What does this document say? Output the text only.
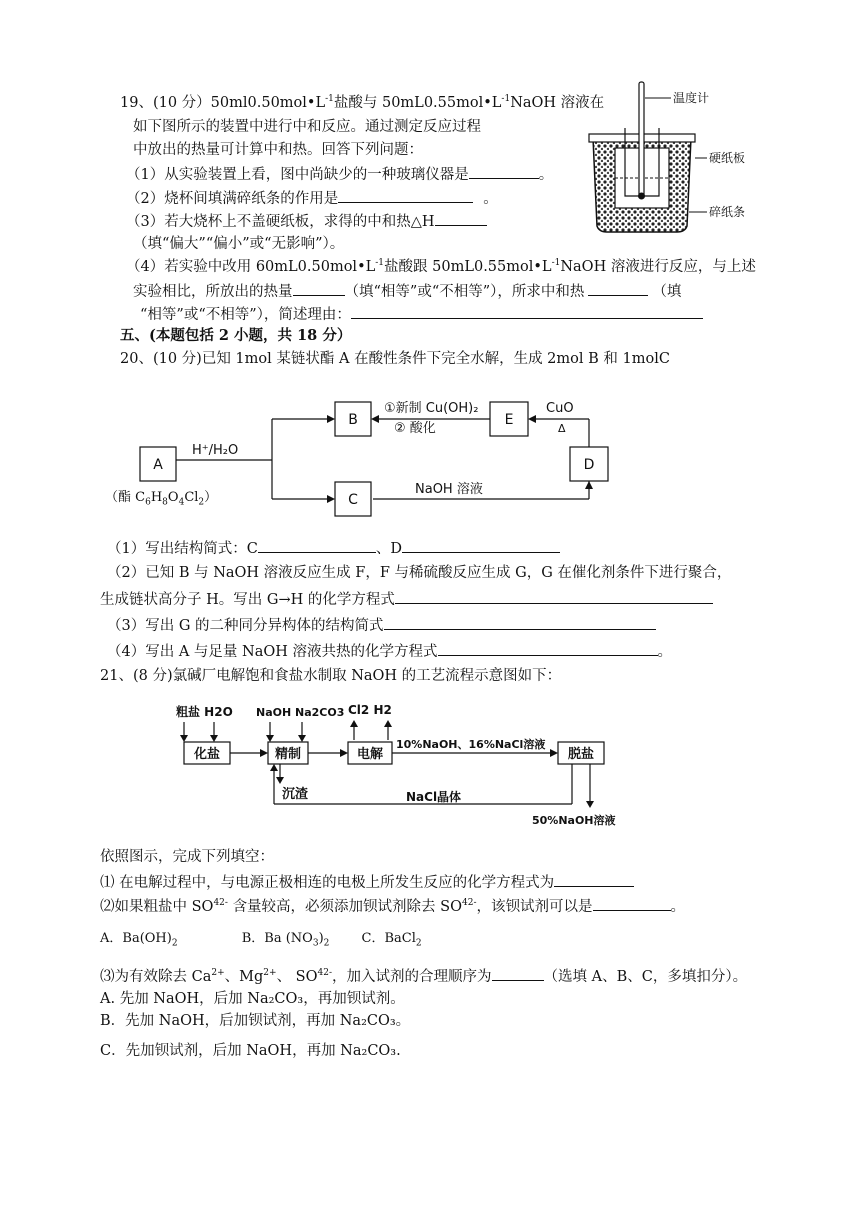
19、(10 分）$50ml0.50mol•L^{-1}$盐酸与 $50mL0.55mol•L^{-1}NaOH$ 溶液在
如下图所示的装置中进行中和反应。通过测定反应过程
中放出的热量可计算中和热。回答下列问题：
（1）从实验装置上看，图中尚缺少的一种玻璃仪器是	。
（2）烧杯间填满碎纸条的作用是	。
（3）若大烧杯上不盖硬纸板，求得的中和热△H
（填“偏大”“偏小”或“无影响”）。
（4）若实验中改用 $60mL0.50mol•L^{-1}$盐酸跟 $50mL0.55mol•L^{-1}NaOH$ 溶液进行反应，与上述
实验相比，所放出的热量	（填“相等”或“不相等”），所求中和热	（填
“相等”或“不相等”），简述理由：
温度计
硬纸板
碎纸条
五、(本题包括 2 小题，共 18 分）
20、(10 分)已知 1mol 某链状酯 A 在酸性条件下完全水解，生成 2mol B 和 1molC
A
B
C
E
D
H⁺/H₂O
①新制 Cu(OH)₂
② 酸化
CuO
Δ
NaOH 溶液
（酯 $C_6H_8O_4Cl_2$）
（1）写出结构简式：C	、D
（2）已知 B 与 NaOH 溶液反应生成 F，F 与稀硫酸反应生成 G，G 在催化剂条件下进行聚合，
生成链状高分子 H。写出 G→H 的化学方程式
（3）写出 G 的二种同分异构体的结构简式
（4）写出 A 与足量 NaOH 溶液共热的化学方程式	。
21、(8 分)氯碱厂电解饱和食盐水制取 NaOH 的工艺流程示意图如下：
粗盐 H2O NaOH Na2CO3 Cl2 H2
化盐	精制	电解	脱盐
10%NaOH、16%NaCl溶液
沉渣	NaCl晶体
50%NaOH溶液
依照图示，完成下列填空：
⑴ 在电解过程中，与电源正极相连的电极上所发生反应的化学方程式为
⑵如果粗盐中 $SO^{42-}$ 含量较高，必须添加钡试剂除去 $SO^{42-}$，该钡试剂可以是	。
A．$Ba(OH)_2$	B．Ba $(NO_3)_2$ C．BaCl$_2$
⑶为有效除去 $Ca^{2+}$、$Mg^{2+}$、 $SO^{42-}$，加入试剂的合理顺序为	（选填 A、B、C，多填扣分）。
A. 先加 NaOH，后加 Na₂CO₃，再加钡试剂。
B．先加 NaOH，后加钡试剂，再加 Na₂CO₃。
C．先加钡试剂，后加 NaOH，再加 Na₂CO₃.
